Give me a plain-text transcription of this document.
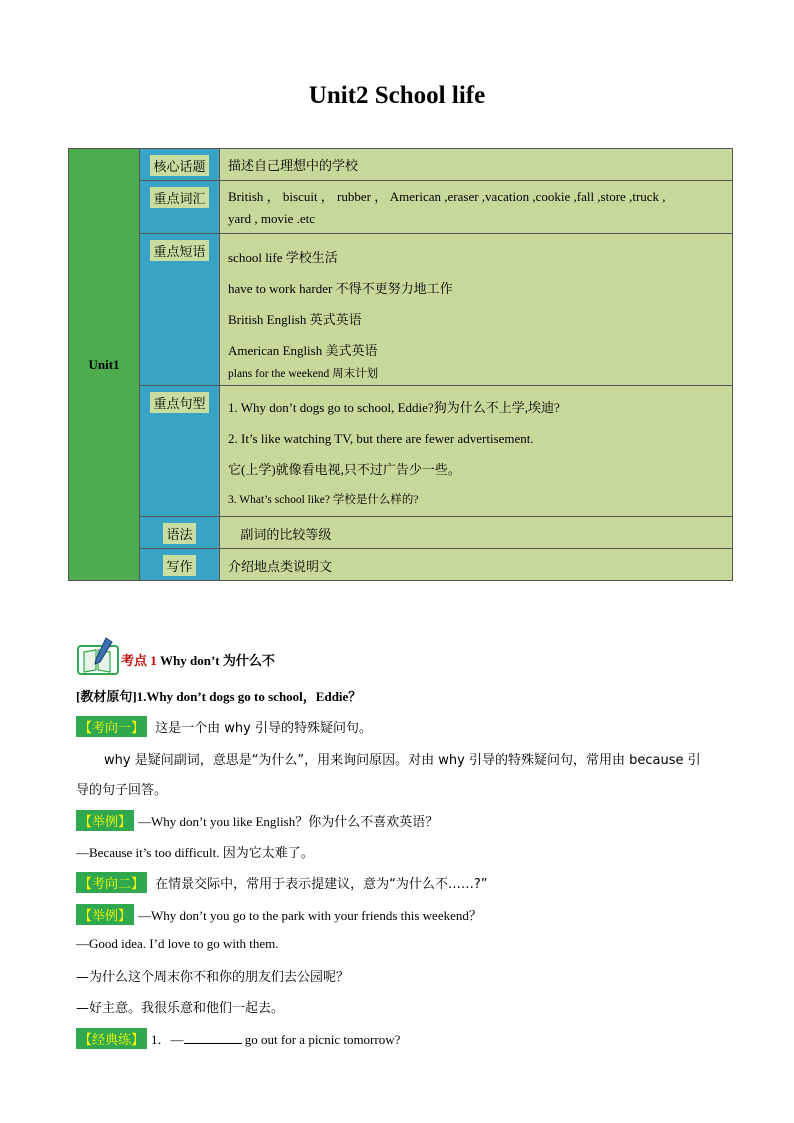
Unit2 School life
Unit1	核心话题	描述自己理想中的学校

	重点词汇	British ， biscuit ， rubber ， American ,eraser ,vacation ,cookie ,fall ,store ,truck ,

yard , movie .etc

	重点短语	school life 学校生活

have to work harder 不得不更努力地工作

British English 英式英语

American English 美式英语

plans for the weekend 周末计划

	重点句型	1. Why don’t dogs go to school, Eddie?狗为什么不上学,埃迪?

2. It’s like watching TV, but there are fewer advertisement.

它(上学)就像看电视,只不过广告少一些。

3. What’s school like? 学校是什么样的?

	语法	副词的比较等级

	写作	介绍地点类说明文

考点 1 Why don’t 为什么不
[教材原句]1.Why don’t dogs go to school，Eddie？
【考向一】 这是一个由 why 引导的特殊疑问句。
why 是疑问副词，意思是“为什么”，用来询问原因。对由 why 引导的特殊疑问句，常用由 because 引
导的句子回答。
【举例】 —Why don’t you like English？你为什么不喜欢英语？
—Because it’s too difficult. 因为它太难了。
【考向二】 在情景交际中，常用于表示提建议，意为“为什么不……?”
【举例】 —Why don’t you go to the park with your friends this weekend？
—Good idea. I’d love to go with them.
—为什么这个周末你不和你的朋友们去公园呢？
—好主意。我很乐意和他们一起去。
【经典练】 1．—	go out for a picnic tomorrow?
